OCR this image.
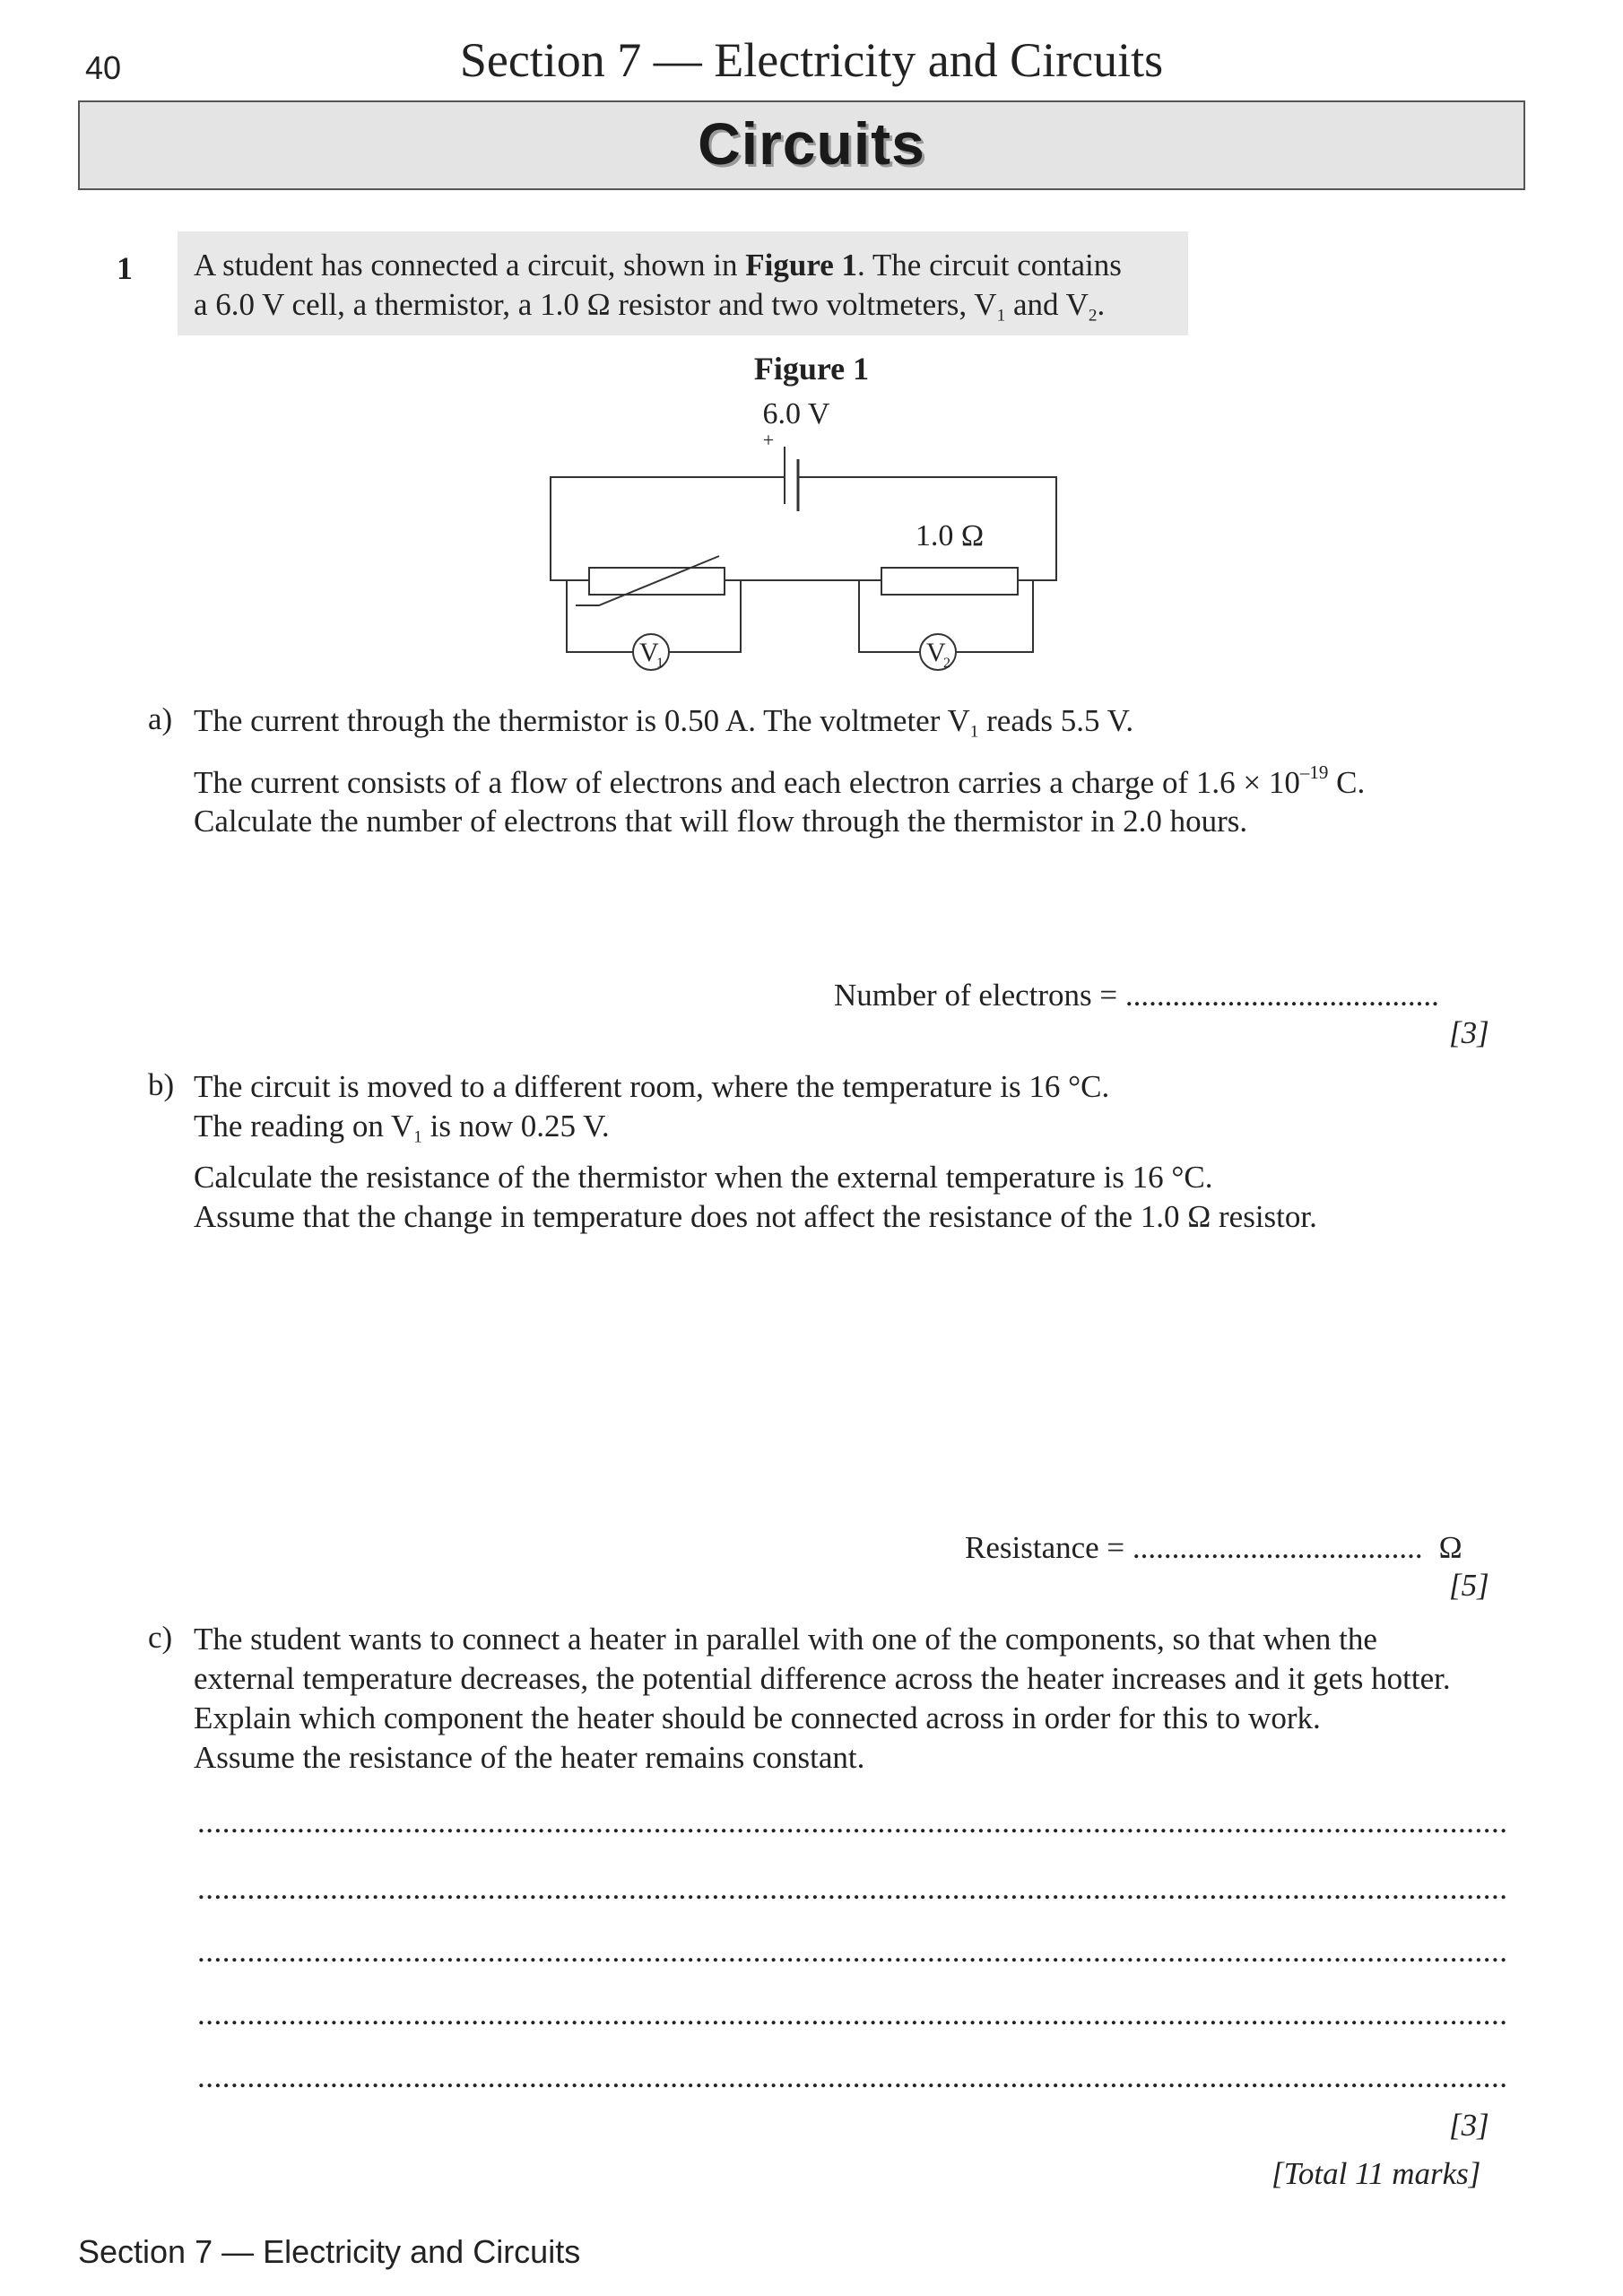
40	Section 7 — Electricity and Circuits
Circuits
1 A student has connected a circuit, shown in Figure 1. The circuit contains
a 6.0 V cell, a thermistor, a 1.0 Ω resistor and two voltmeters, $V_1$ and $V_2$.
Figure 1
6.0 V
+
1.0 Ω
V
1	V
2
a) The current through the thermistor is 0.50 A. The voltmeter $V_1$ reads 5.5 V.
The current consists of a flow of electrons and each electron carries a charge of $1.6 \times 10^{-19}$ C.
Calculate the number of electrons that will flow through the thermistor in 2.0 hours.
Number of electrons = ........................................
[3]
b) The circuit is moved to a different room, where the temperature is 16 °C.
The reading on $V_1$ is now 0.25 V.
Calculate the resistance of the thermistor when the external temperature is 16 °C.
Assume that the change in temperature does not affect the resistance of the 1.0 Ω resistor.
Resistance = ..................................... Ω
[5]
c) The student wants to connect a heater in parallel with one of the components, so that when the
external temperature decreases, the potential difference across the heater increases and it gets hotter.
Explain which component the heater should be connected across in order for this to work.
Assume the resistance of the heater remains constant.
..............................................................................................................................................................
..............................................................................................................................................................
..............................................................................................................................................................
..............................................................................................................................................................
..............................................................................................................................................................
[3]
[Total 11 marks]
Section 7 — Electricity and Circuits
